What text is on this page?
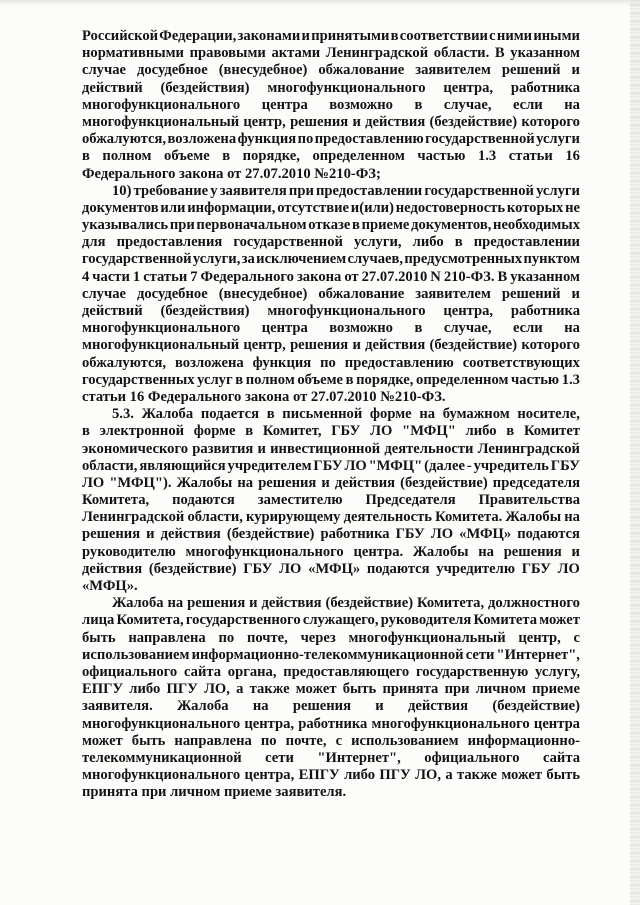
Российской Федерации, законами и принятыми в соответствии с ними иными
нормативными правовыми актами Ленинградской области. В указанном
случае досудебное (внесудебное) обжалование заявителем решений и
действий (бездействия) многофункционального центра, работника
многофункционального центра возможно в случае, если на
многофункциональный центр, решения и действия (бездействие) которого
обжалуются, возложена функция по предоставлению государственной услуги
в полном объеме в порядке, определенном частью 1.3 статьи 16
Федерального закона от 27.07.2010 №210-ФЗ;
10) требование у заявителя при предоставлении государственной услуги
документов или информации, отсутствие и(или) недостоверность которых не
указывались при первоначальном отказе в приеме документов, необходимых
для предоставления государственной услуги, либо в предоставлении
государственной услуги, за исключением случаев, предусмотренных пунктом
4 части 1 статьи 7 Федерального закона от 27.07.2010 N 210-ФЗ. В указанном
случае досудебное (внесудебное) обжалование заявителем решений и
действий (бездействия) многофункционального центра, работника
многофункционального центра возможно в случае, если на
многофункциональный центр, решения и действия (бездействие) которого
обжалуются, возложена функция по предоставлению соответствующих
государственных услуг в полном объеме в порядке, определенном частью 1.3
статьи 16 Федерального закона от 27.07.2010 №210-ФЗ.
5.3. Жалоба подается в письменной форме на бумажном носителе,
в электронной форме в Комитет, ГБУ ЛО "МФЦ" либо в Комитет
экономического развития и инвестиционной деятельности Ленинградской
области, являющийся учредителем ГБУ ЛО "МФЦ" (далее - учредитель ГБУ
ЛО "МФЦ"). Жалобы на решения и действия (бездействие) председателя
Комитета, подаются заместителю Председателя Правительства
Ленинградской области, курирующему деятельность Комитета. Жалобы на
решения и действия (бездействие) работника ГБУ ЛО «МФЦ» подаются
руководителю многофункционального центра. Жалобы на решения и
действия (бездействие) ГБУ ЛО «МФЦ» подаются учредителю ГБУ ЛО
«МФЦ».
Жалоба на решения и действия (бездействие) Комитета, должностного
лица Комитета, государственного служащего, руководителя Комитета может
быть направлена по почте, через многофункциональный центр, с
использованием информационно-телекоммуникационной сети "Интернет",
официального сайта органа, предоставляющего государственную услугу,
ЕПГУ либо ПГУ ЛО, а также может быть принята при личном приеме
заявителя. Жалоба на решения и действия (бездействие)
многофункционального центра, работника многофункционального центра
может быть направлена по почте, с использованием информационно-
телекоммуникационной сети "Интернет", официального сайта
многофункционального центра, ЕПГУ либо ПГУ ЛО, а также может быть
принята при личном приеме заявителя.
